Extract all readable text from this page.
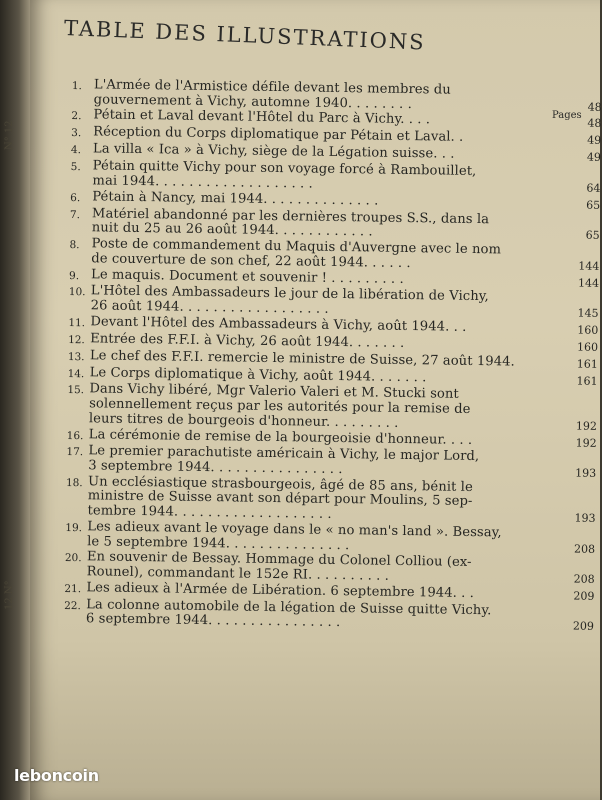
N° 12
12 N°
TABLE DES ILLUSTRATIONS
Pages
1. L'Armée de l'Armistice défile devant les membres du
gouvernement à Vichy, automne 1940. . . . . . . .	48
2. Pétain et Laval devant l'Hôtel du Parc à Vichy. . . .	48
3. Réception du Corps diplomatique par Pétain et Laval. .	49
4. La villa « Ica » à Vichy, siège de la Légation suisse. . .	49
5. Pétain quitte Vichy pour son voyage forcé à Rambouillet,
mai 1944. . . . . . . . . . . . . . . . . . .	64
6. Pétain à Nancy, mai 1944. . . . . . . . . . . . . .	65
7. Matériel abandonné par les dernières troupes S.S., dans la
nuit du 25 au 26 août 1944. . . . . . . . . . . .	65
8. Poste de commandement du Maquis d'Auvergne avec le nom
de couverture de son chef, 22 août 1944. . . . . .	144
9. Le maquis. Document et souvenir ! . . . . . . . . .	144
10. L'Hôtel des Ambassadeurs le jour de la libération de Vichy,
26 août 1944. . . . . . . . . . . . . . . . . .	145
11. Devant l'Hôtel des Ambassadeurs à Vichy, août 1944. . .	160
12. Entrée des F.F.I. à Vichy, 26 août 1944. . . . . . .	160
13. Le chef des F.F.I. remercie le ministre de Suisse, 27 août 1944.	161
14. Le Corps diplomatique à Vichy, août 1944. . . . . . .	161
15. Dans Vichy libéré, Mgr Valerio Valeri et M. Stucki sont
solennellement reçus par les autorités pour la remise de
leurs titres de bourgeois d'honneur. . . . . . . . .	192
16. La cérémonie de remise de la bourgeoisie d'honneur. . . .	192
17. Le premier parachutiste américain à Vichy, le major Lord,
3 septembre 1944. . . . . . . . . . . . . . . .	193
18. Un ecclésiastique strasbourgeois, âgé de 85 ans, bénit le
ministre de Suisse avant son départ pour Moulins, 5 sep-
tembre 1944. . . . . . . . . . . . . . . . . . .	193
19. Les adieux avant le voyage dans le « no man's land ». Bessay,
le 5 septembre 1944. . . . . . . . . . . . . . .	208
20. En souvenir de Bessay. Hommage du Colonel Colliou (ex-
Rounel), commandant le 152e RI. . . . . . . . . .	208
21. Les adieux à l'Armée de Libération. 6 septembre 1944. . .	209
22. La colonne automobile de la légation de Suisse quitte Vichy.
6 septembre 1944. . . . . . . . . . . . . . . .	209
leboncoin
